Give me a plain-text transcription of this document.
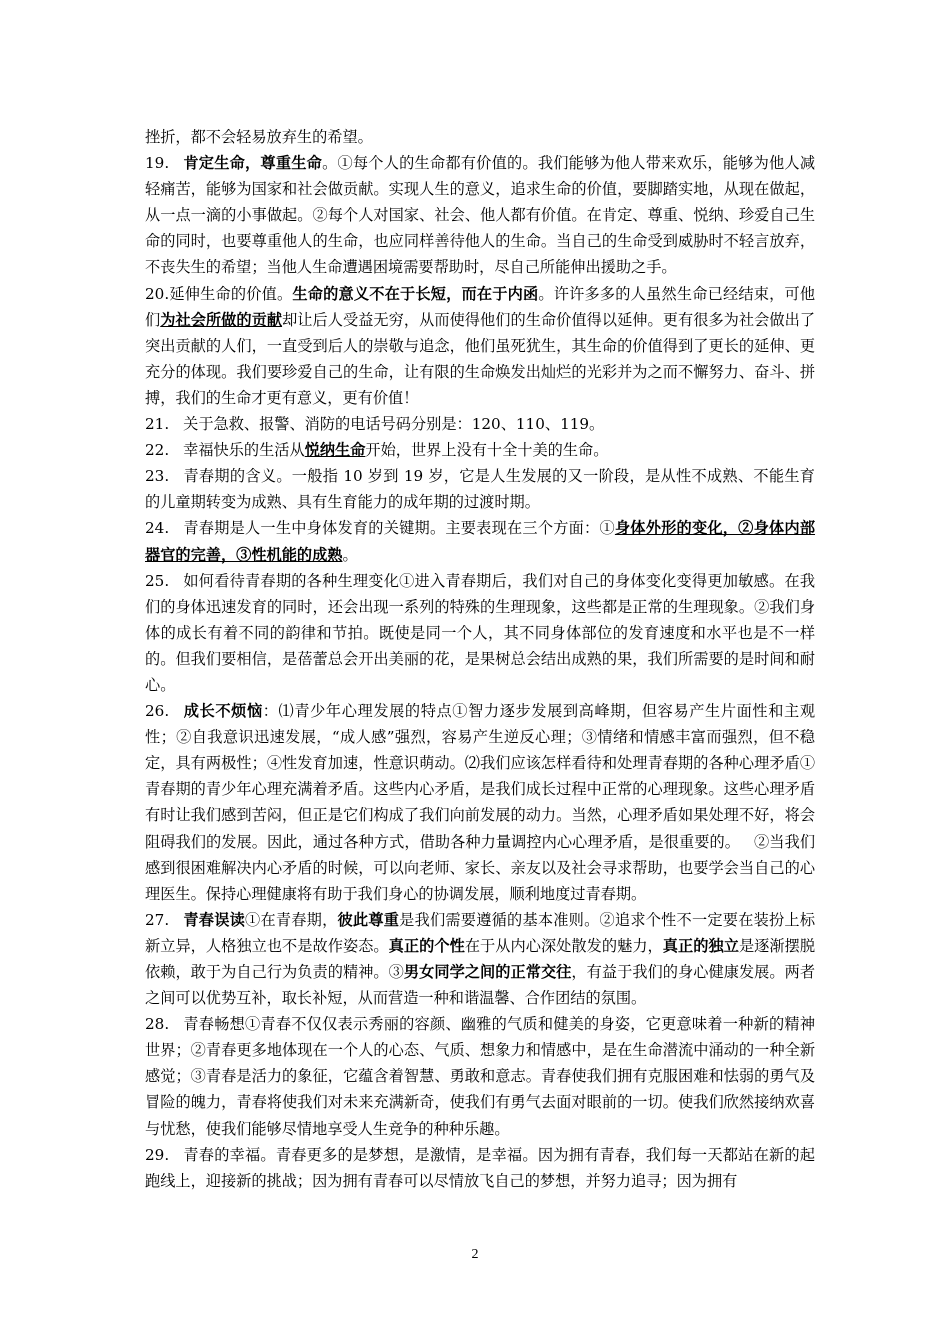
挫折，都不会轻易放弃生的希望。

19. 肯定生命，尊重生命。①每个人的生命都有价值的。我们能够为他人带来欢乐，能够为他人减轻痛苦，能够为国家和社会做贡献。实现人生的意义，追求生命的价值，要脚踏实地，从现在做起，从一点一滴的小事做起。②每个人对国家、社会、他人都有价值。在肯定、尊重、悦纳、珍爱自己生命的同时，也要尊重他人的生命，也应同样善待他人的生命。当自己的生命受到威胁时不轻言放弃，不丧失生的希望；当他人生命遭遇困境需要帮助时，尽自己所能伸出援助之手。

20.延伸生命的价值。生命的意义不在于长短，而在于内函。许许多多的人虽然生命已经结束，可他们为社会所做的贡献却让后人受益无穷，从而使得他们的生命价值得以延伸。更有很多为社会做出了突出贡献的人们，一直受到后人的崇敬与追念，他们虽死犹生，其生命的价值得到了更长的延伸、更充分的体现。我们要珍爱自己的生命，让有限的生命焕发出灿烂的光彩并为之而不懈努力、奋斗、拼搏，我们的生命才更有意义，更有价值！

21. 关于急救、报警、消防的电话号码分别是：120、110、119。

22. 幸福快乐的生活从悦纳生命开始，世界上没有十全十美的生命。

23. 青春期的含义。一般指 10 岁到 19 岁，它是人生发展的又一阶段，是从性不成熟、不能生育的儿童期转变为成熟、具有生育能力的成年期的过渡时期。

24. 青春期是人一生中身体发育的关键期。主要表现在三个方面：①身体外形的变化，②身体内部器官的完善，③性机能的成熟。

25. 如何看待青春期的各种生理变化①进入青春期后，我们对自己的身体变化变得更加敏感。在我们的身体迅速发育的同时，还会出现一系列的特殊的生理现象，这些都是正常的生理现象。②我们身体的成长有着不同的韵律和节拍。既使是同一个人，其不同身体部位的发育速度和水平也是不一样的。但我们要相信，是蓓蕾总会开出美丽的花，是果树总会结出成熟的果，我们所需要的是时间和耐心。

26. 成长不烦恼：⑴青少年心理发展的特点①智力逐步发展到高峰期，但容易产生片面性和主观性；②自我意识迅速发展，“成人感”强烈，容易产生逆反心理；③情绪和情感丰富而强烈，但不稳定，具有两极性；④性发育加速，性意识萌动。⑵我们应该怎样看待和处理青春期的各种心理矛盾①青春期的青少年心理充满着矛盾。这些内心矛盾，是我们成长过程中正常的心理现象。这些心理矛盾有时让我们感到苦闷，但正是它们构成了我们向前发展的动力。当然，心理矛盾如果处理不好，将会阻碍我们的发展。因此，通过各种方式，借助各种力量调控内心心理矛盾，是很重要的。 ②当我们感到很困难解决内心矛盾的时候，可以向老师、家长、亲友以及社会寻求帮助，也要学会当自己的心理医生。保持心理健康将有助于我们身心的协调发展，顺利地度过青春期。

27. 青春误读①在青春期，彼此尊重是我们需要遵循的基本准则。②追求个性不一定要在装扮上标新立异，人格独立也不是故作姿态。真正的个性在于从内心深处散发的魅力，真正的独立是逐渐摆脱依赖，敢于为自己行为负责的精神。③男女同学之间的正常交往，有益于我们的身心健康发展。两者之间可以优势互补，取长补短，从而营造一种和谐温馨、合作团结的氛围。

28. 青春畅想①青春不仅仅表示秀丽的容颜、幽雅的气质和健美的身姿，它更意味着一种新的精神世界；②青春更多地体现在一个人的心态、气质、想象力和情感中，是在生命潜流中涌动的一种全新感觉；③青春是活力的象征，它蕴含着智慧、勇敢和意志。青春使我们拥有克服困难和怯弱的勇气及冒险的魄力，青春将使我们对未来充满新奇，使我们有勇气去面对眼前的一切。使我们欣然接纳欢喜与忧愁，使我们能够尽情地享受人生竞争的种种乐趣。

29. 青春的幸福。青春更多的是梦想，是激情，是幸福。因为拥有青春，我们每一天都站在新的起跑线上，迎接新的挑战；因为拥有青春可以尽情放飞自己的梦想，并努力追寻；因为拥有

2
